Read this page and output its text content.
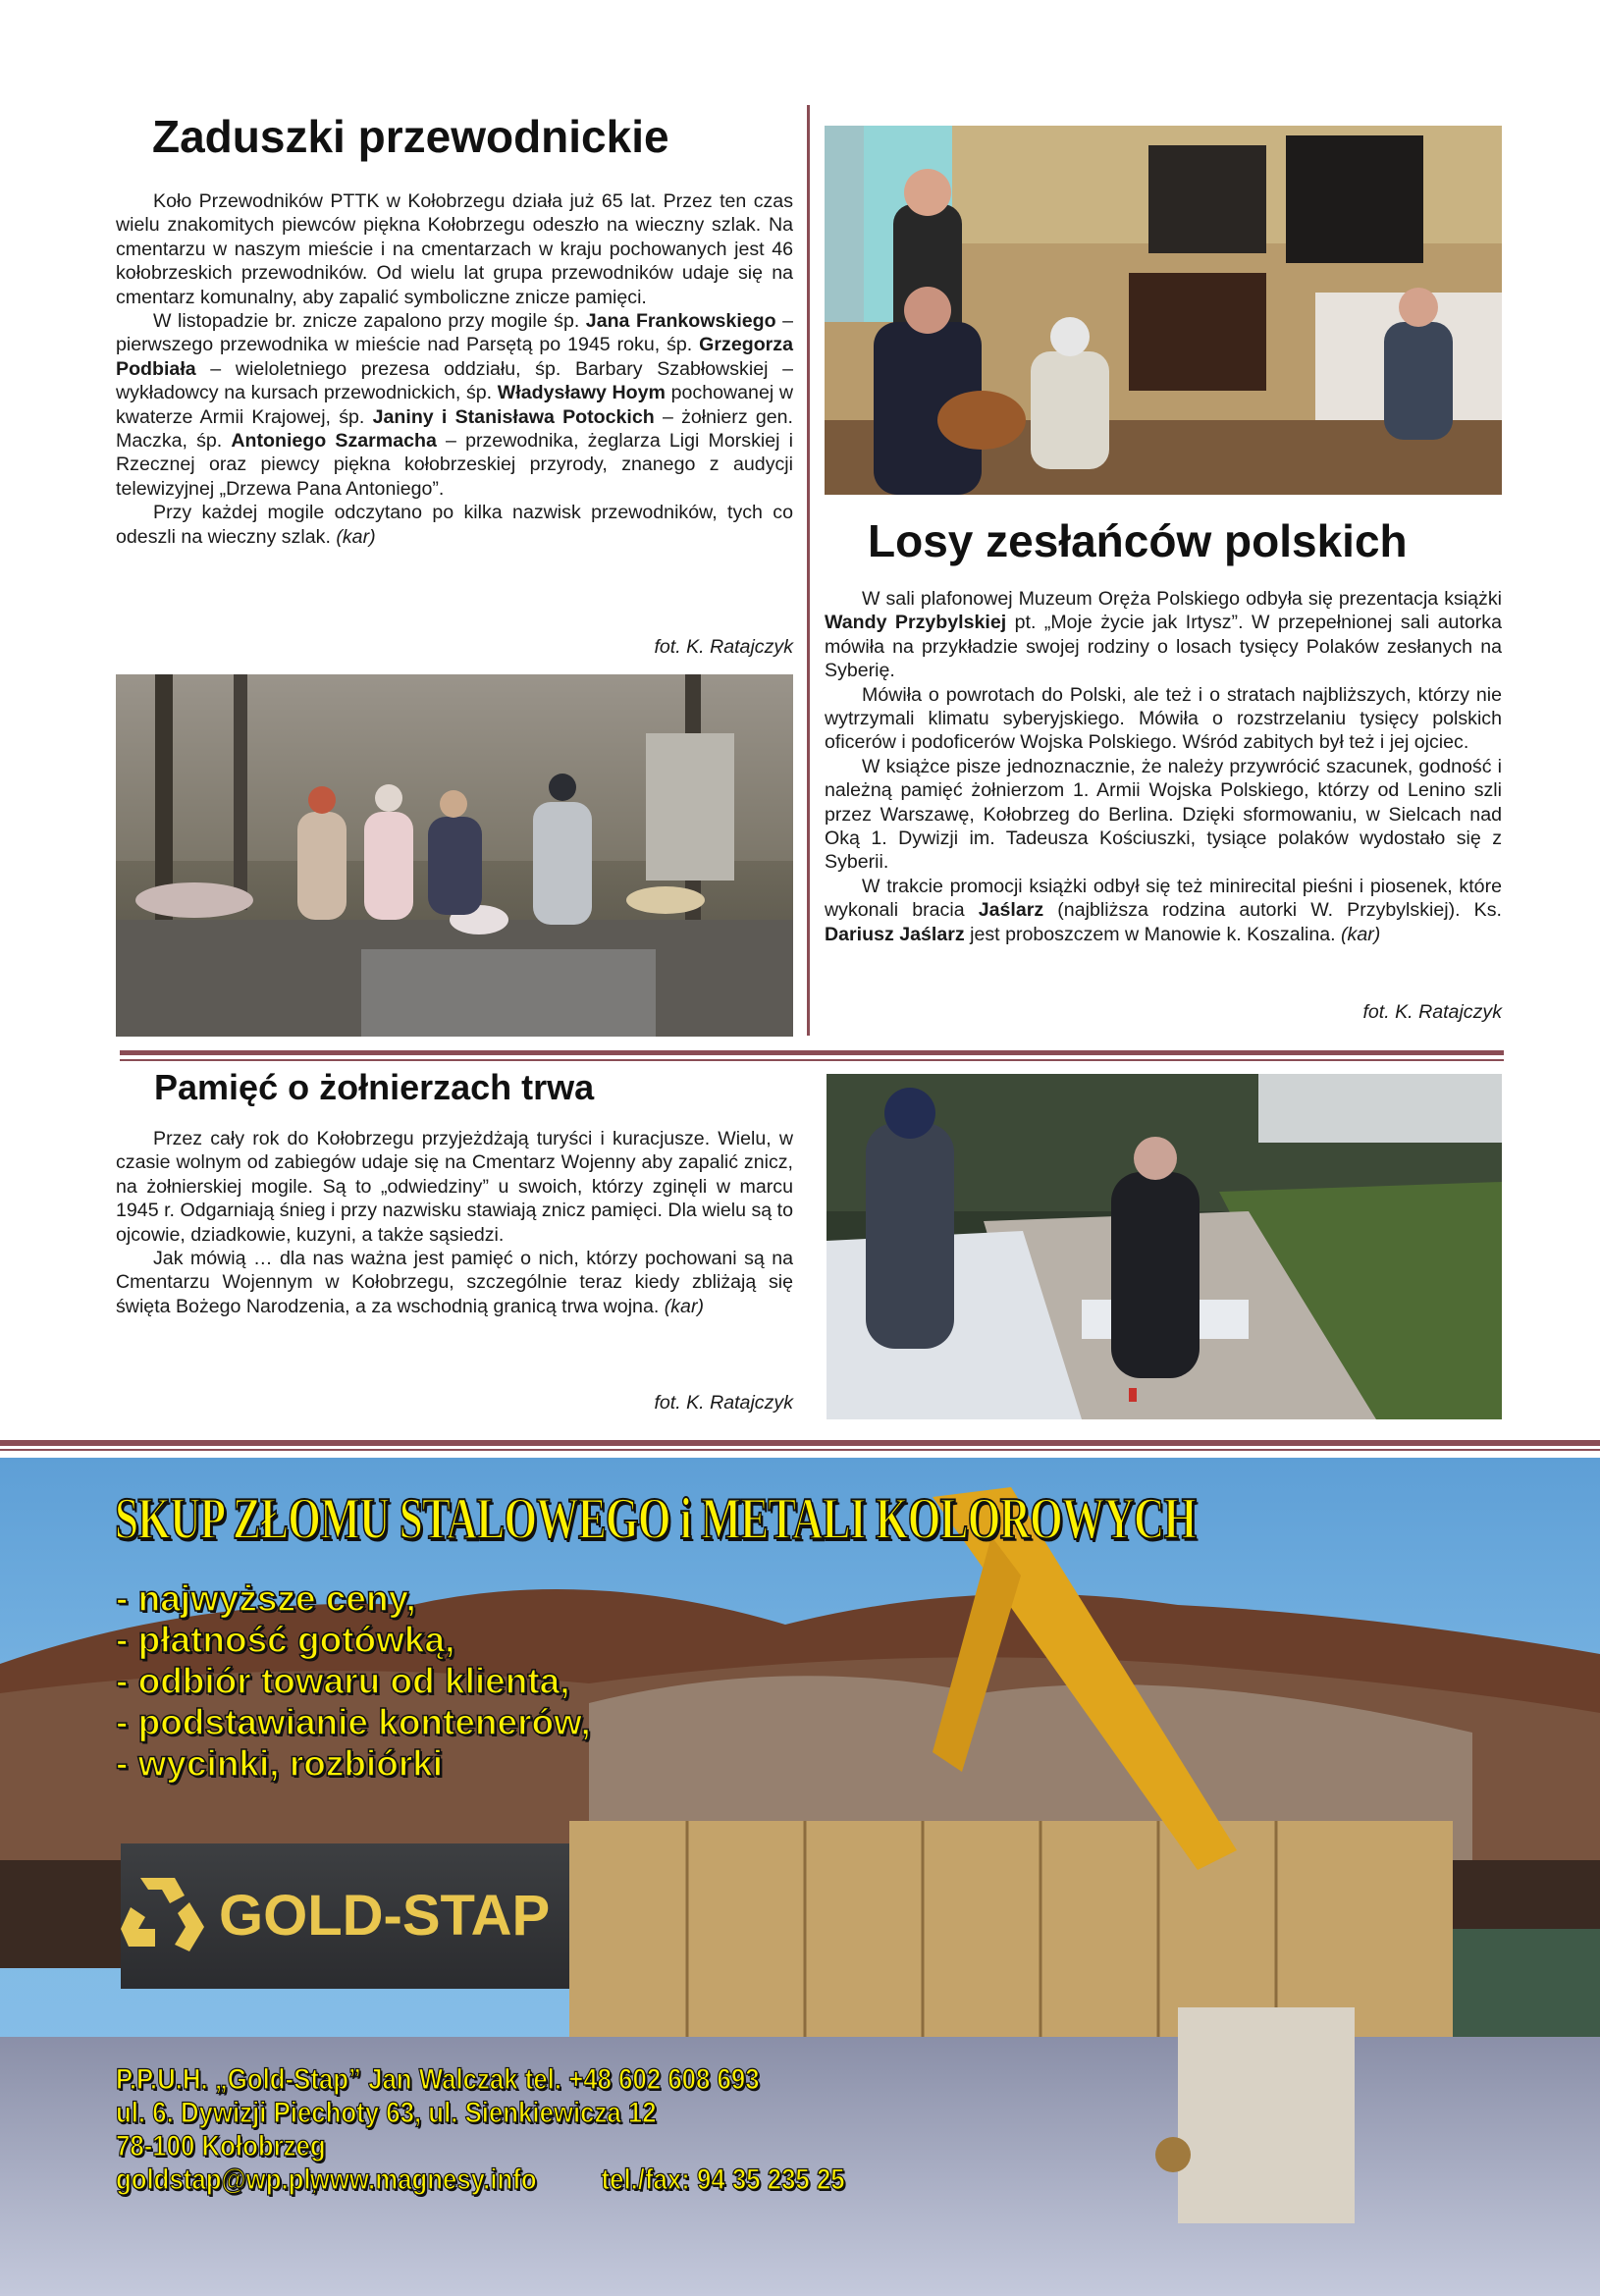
Zaduszki przewodnickie

Koło Przewodników PTTK w Kołobrzegu działa już 65 lat. Przez ten czas wielu znakomitych piewców piękna Kołobrzegu odeszło na wieczny szlak. Na cmentarzu w naszym mieście i na cmentarzach w kraju pochowanych jest 46 kołobrzeskich przewodników. Od wielu lat grupa przewodników udaje się na cmentarz komunalny, aby zapalić symboliczne znicze pamięci.

W listopadzie br. znicze zapalono przy mogile śp. Jana Frankowskiego – pierwszego przewodnika w mieście nad Parsętą po 1945 roku, śp. Grzegorza Podbiała – wieloletniego prezesa oddziału, śp. Barbary Szabłowskiej – wykładowcy na kursach przewodnickich, śp. Władysławy Hoym pochowanej w kwaterze Armii Krajowej, śp. Janiny i Stanisława Potockich – żołnierz gen. Maczka, śp. Antoniego Szarmacha – przewodnika, żeglarza Ligi Morskiej i Rzecznej oraz piewcy piękna kołobrzeskiej przyrody, znanego z audycji telewizyjnej „Drzewa Pana Antoniego”.

Przy każdej mogile odczytano po kilka nazwisk przewodników, tych co odeszli na wieczny szlak. (kar)

fot. K. Ratajczyk
Losy zesłańców polskich

W sali plafonowej Muzeum Oręża Polskiego odbyła się prezentacja książki Wandy Przybylskiej pt. „Moje życie jak Irtysz”. W przepełnionej sali autorka mówiła na przykładzie swojej rodziny o losach tysięcy Polaków zesłanych na Syberię.

Mówiła o powrotach do Polski, ale też i o stratach najbliższych, którzy nie wytrzymali klimatu syberyjskiego. Mówiła o rozstrzelaniu tysięcy polskich oficerów i podoficerów Wojska Polskiego. Wśród zabitych był też i jej ojciec.

W książce pisze jednoznacznie, że należy przywrócić szacunek, godność i należną pamięć żołnierzom 1. Armii Wojska Polskiego, którzy od Lenino szli przez Warszawę, Kołobrzeg do Berlina. Dzięki sformowaniu, w Sielcach nad Oką 1. Dywizji im. Tadeusza Kościuszki, tysiące polaków wydostało się z Syberii.

W trakcie promocji książki odbył się też minirecital pieśni i piosenek, które wykonali bracia Jaślarz (najbliższa rodzina autorki W. Przybylskiej). Ks. Dariusz Jaślarz jest proboszczem w Manowie k. Koszalina. (kar)

fot. K. Ratajczyk
Pamięć o żołnierzach trwa

Przez cały rok do Kołobrzegu przyjeżdżają turyści i kuracjusze. Wielu, w czasie wolnym od zabiegów udaje się na Cmentarz Wojenny aby zapalić znicz, na żołnierskiej mogile. Są to „odwiedziny” u swoich, którzy zginęli w marcu 1945 r. Odgarniają śnieg i przy nazwisku stawiają znicz pamięci. Dla wielu są to ojcowie, dziadkowie, kuzyni, a także sąsiedzi.

Jak mówią … dla nas ważna jest pamięć o nich, którzy pochowani są na Cmentarzu Wojennym w Kołobrzegu, szczególnie teraz kiedy zbliżają się święta Bożego Narodzenia, a za wschodnią granicą trwa wojna. (kar)

fot. K. Ratajczyk
SKUP ZŁOMU STALOWEGO i METALI KOLOROWYCH
- najwyższe ceny,
- płatność gotówką,
- odbiór towaru od klienta,
- podstawianie kontenerów,
- wycinki, rozbiórki
GOLD-STAP
P.P.U.H. „Gold-Stap” Jan Walczak tel. +48 602 608 693
ul. 6. Dywizji Piechoty 63, ul. Sienkiewicza 12
78-100 Kołobrzeg
goldstap@wp.pl,
www.magnesy.info tel./fax: 94 35 235 25
